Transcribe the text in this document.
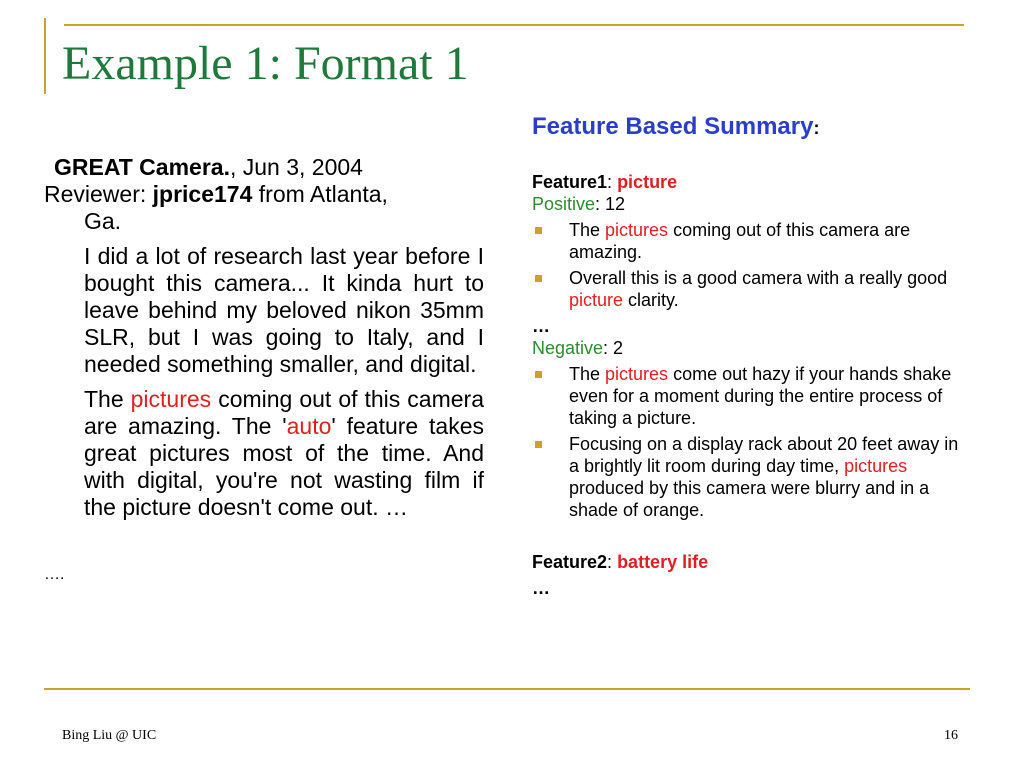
Example 1: Format 1
GREAT Camera., Jun 3, 2004
Reviewer: jprice174 from Atlanta,
Ga.
I did a lot of research last year before I bought this camera... It kinda hurt to leave behind my beloved nikon 35mm SLR, but I was going to Italy, and I needed something smaller, and digital.
The pictures coming out of this camera are amazing. The 'auto' feature takes great pictures most of the time. And with digital, you're not wasting film if the picture doesn't come out. …
….
Feature Based Summary:
Feature1: picture
Positive: 12
The pictures coming out of this camera are amazing.
Overall this is a good camera with a really good picture clarity.
…
Negative: 2
The pictures come out hazy if your hands shake even for a moment during the entire process of taking a picture.
Focusing on a display rack about 20 feet away in a brightly lit room during day time, pictures produced by this camera were blurry and in a shade of orange.
Feature2: battery life
…
Bing Liu @ UIC	16
